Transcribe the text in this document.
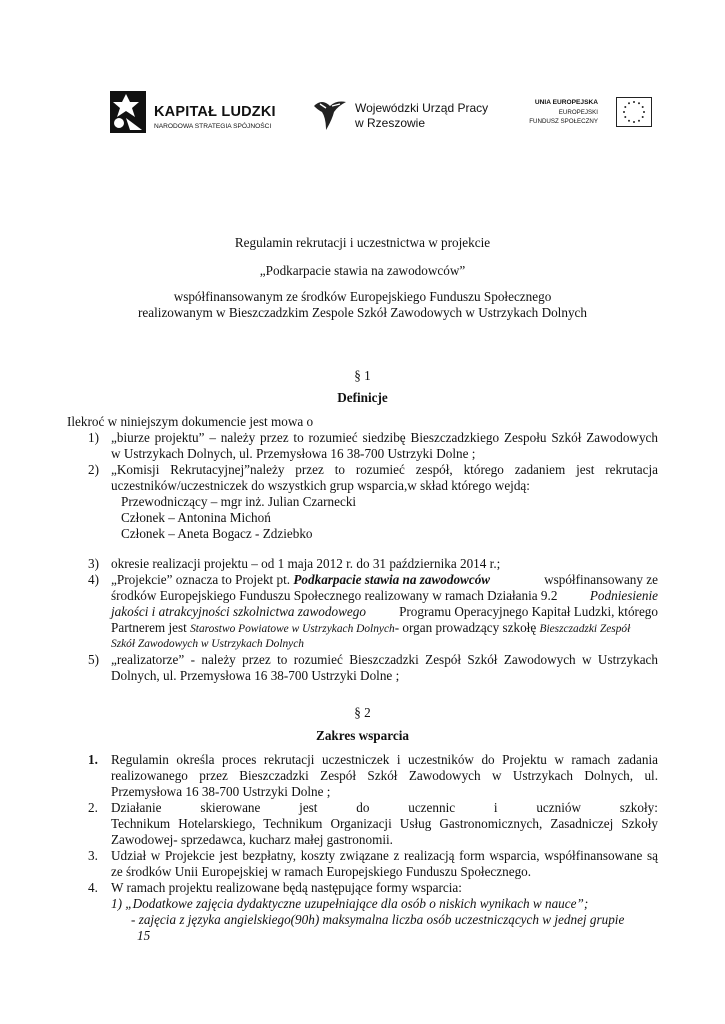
KAPITAŁ LUDZKI
NARODOWA STRATEGIA SPÓJNOŚCI
Wojewódzki Urząd Pracy
w Rzeszowie
UNIA EUROPEJSKA
EUROPEJSKI
FUNDUSZ SPOŁECZNY
Regulamin rekrutacji i uczestnictwa w projekcie
„Podkarpacie stawia na zawodowców”
współfinansowanym ze środków Europejskiego Funduszu Społecznego
realizowanym w Bieszczadzkim Zespole Szkół Zawodowych w Ustrzykach Dolnych
§ 1
Definicje
Ilekroć w niniejszym dokumencie jest mowa o
1) „biurze projektu” – należy przez to rozumieć siedzibę Bieszczadzkiego Zespołu Szkół Zawodowych
w Ustrzykach Dolnych, ul. Przemysłowa 16 38-700 Ustrzyki Dolne ;
2) „Komisji Rekrutacyjnej”należy przez to rozumieć zespół, którego zadaniem jest rekrutacja
uczestników/uczestniczek do wszystkich grup wsparcia,w skład którego wejdą:
Przewodniczący – mgr inż. Julian Czarnecki
Członek – Antonina Michoń
Członek – Aneta Bogacz - Zdziebko
3) okresie realizacji projektu – od 1 maja 2012 r. do 31 października 2014 r.;
4) „Projekcie” oznacza to Projekt pt. Podkarpacie stawia na zawodowców	współfinansowany ze
środków Europejskiego Funduszu Społecznego realizowany w ramach Działania 9.2 Podniesienie
jakości i atrakcyjności szkolnictwa zawodowego	Programu Operacyjnego Kapitał Ludzki, którego
Partnerem jest Starostwo Powiatowe w Ustrzykach Dolnych- organ prowadzący szkołę Bieszczadzki Zespół
Szkół Zawodowych w Ustrzykach Dolnych
5) „realizatorze” - należy przez to rozumieć Bieszczadzki Zespół Szkół Zawodowych w Ustrzykach
Dolnych, ul. Przemysłowa 16 38-700 Ustrzyki Dolne ;
§ 2
Zakres wsparcia
1. Regulamin określa proces rekrutacji uczestniczek i uczestników do Projektu w ramach zadania
realizowanego przez Bieszczadzki Zespół Szkół Zawodowych w Ustrzykach Dolnych, ul.
Przemysłowa 16 38-700 Ustrzyki Dolne ;
2. Działanie	skierowane	jest	do	uczennic	i	uczniów	szkoły:
Technikum Hotelarskiego, Technikum Organizacji Usług Gastronomicznych, Zasadniczej Szkoły
Zawodowej- sprzedawca, kucharz małej gastronomii.
3. Udział w Projekcie jest bezpłatny, koszty związane z realizacją form wsparcia, współfinansowane są
ze środków Unii Europejskiej w ramach Europejskiego Funduszu Społecznego.
4. W ramach projektu realizowane będą następujące formy wsparcia:
1) „Dodatkowe zajęcia dydaktyczne uzupełniające dla osób o niskich wynikach w nauce”;
- zajęcia z języka angielskiego(90h) maksymalna liczba osób uczestniczących w jednej grupie
15
